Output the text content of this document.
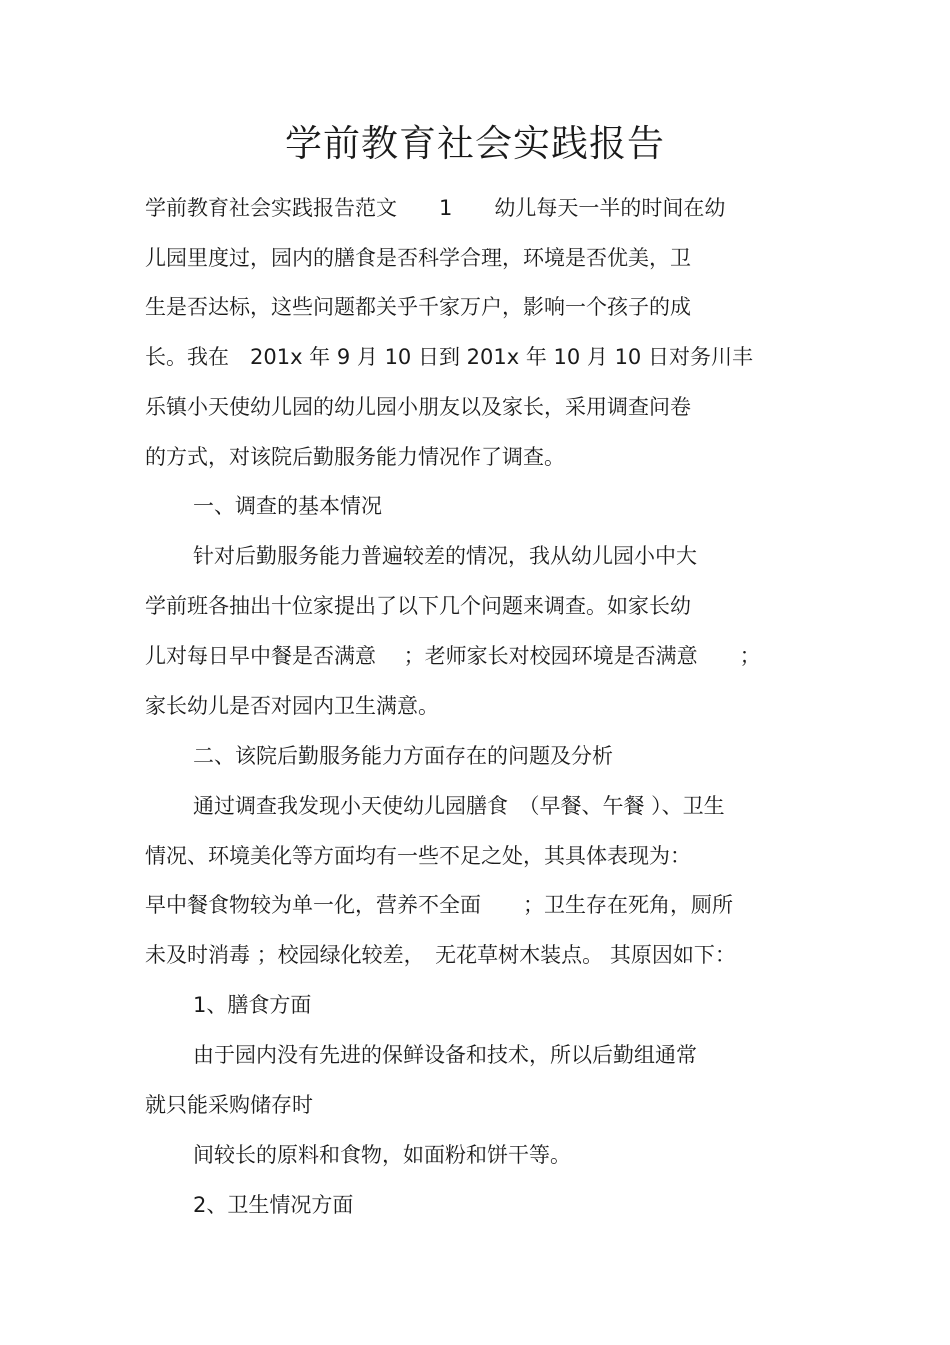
学前教育社会实践报告
学前教育社会实践报告范文　　1　　幼儿每天一半的时间在幼
儿园里度过，园内的膳食是否科学合理，环境是否优美，卫
生是否达标，这些问题都关乎千家万户，影响一个孩子的成
长。我在　201x 年 9 月 10 日到 201x 年 10 月 10 日对务川丰
乐镇小天使幼儿园的幼儿园小朋友以及家长，采用调查问卷
的方式，对该院后勤服务能力情况作了调查。
一、调查的基本情况
针对后勤服务能力普遍较差的情况，我从幼儿园小中大
学前班各抽出十位家提出了以下几个问题来调查。如家长幼
儿对每日早中餐是否满意　 ；老师家长对校园环境是否满意　　；
家长幼儿是否对园内卫生满意。
二、该院后勤服务能力方面存在的问题及分析
通过调查我发现小天使幼儿园膳食　（早餐、午餐 ）、卫生
情况、环境美化等方面均有一些不足之处，其具体表现为：
早中餐食物较为单一化，营养不全面　　；卫生存在死角，厕所
未及时消毒 ；校园绿化较差，　无花草树木装点。 其原因如下：
1、膳食方面
由于园内没有先进的保鲜设备和技术，所以后勤组通常
就只能采购储存时
间较长的原料和食物，如面粉和饼干等。
2、卫生情况方面
